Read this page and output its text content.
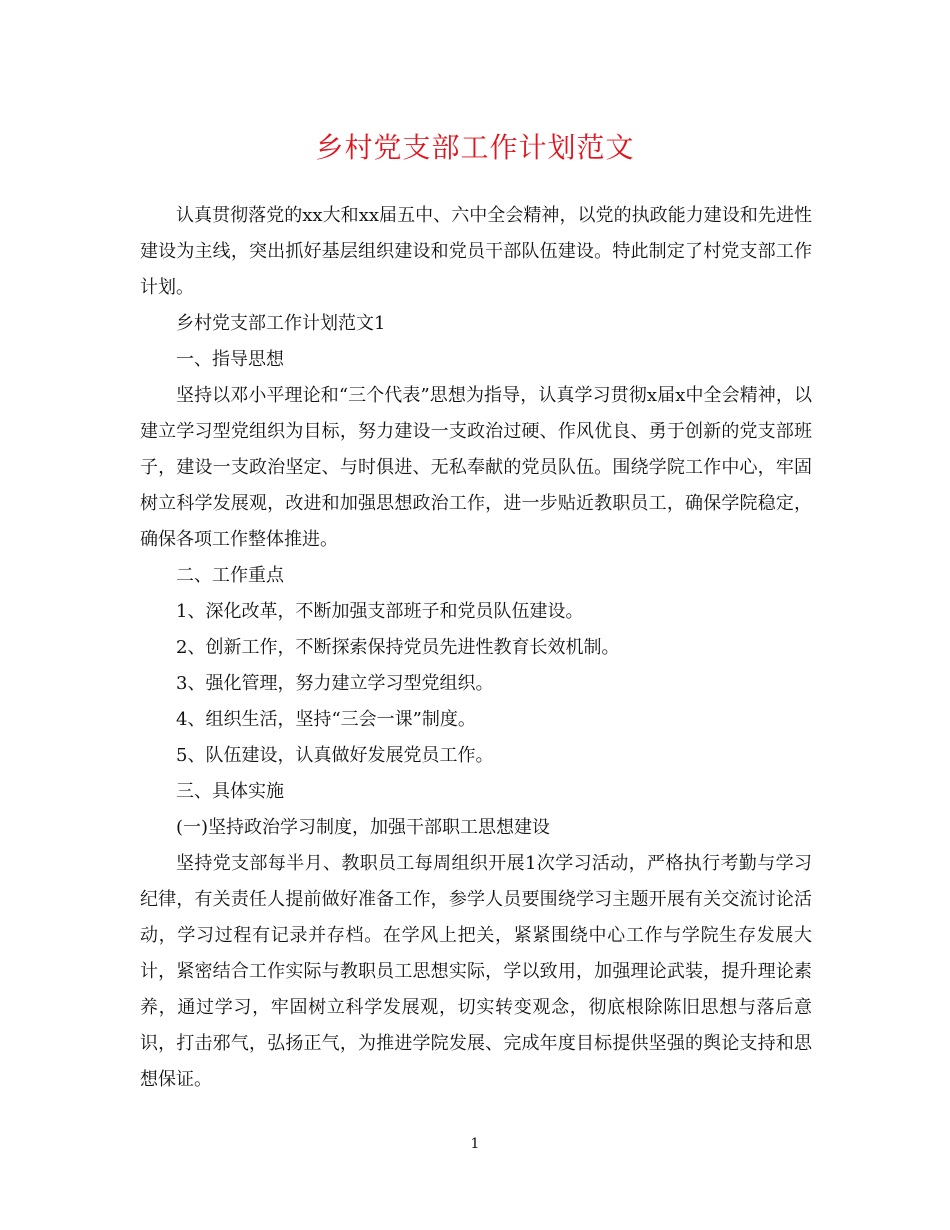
乡村党支部工作计划范文

认真贯彻落党的xx大和xx届五中、六中全会精神，以党的执政能力建设和先进性建设为主线，突出抓好基层组织建设和党员干部队伍建设。特此制定了村党支部工作计划。

乡村党支部工作计划范文1

一、指导思想

坚持以邓小平理论和“三个代表”思想为指导，认真学习贯彻x届x中全会精神，以建立学习型党组织为目标，努力建设一支政治过硬、作风优良、勇于创新的党支部班子，建设一支政治坚定、与时俱进、无私奉献的党员队伍。围绕学院工作中心，牢固树立科学发展观，改进和加强思想政治工作，进一步贴近教职员工，确保学院稳定，确保各项工作整体推进。

二、工作重点

1、深化改革，不断加强支部班子和党员队伍建设。

2、创新工作，不断探索保持党员先进性教育长效机制。

3、强化管理，努力建立学习型党组织。

4、组织生活，坚持“三会一课”制度。

5、队伍建设，认真做好发展党员工作。

三、具体实施

(一)坚持政治学习制度，加强干部职工思想建设

坚持党支部每半月、教职员工每周组织开展1次学习活动，严格执行考勤与学习纪律，有关责任人提前做好准备工作，参学人员要围绕学习主题开展有关交流讨论活动，学习过程有记录并存档。在学风上把关，紧紧围绕中心工作与学院生存发展大计，紧密结合工作实际与教职员工思想实际，学以致用，加强理论武装，提升理论素养，通过学习，牢固树立科学发展观，切实转变观念，彻底根除陈旧思想与落后意识，打击邪气，弘扬正气，为推进学院发展、完成年度目标提供坚强的舆论支持和思想保证。

1
